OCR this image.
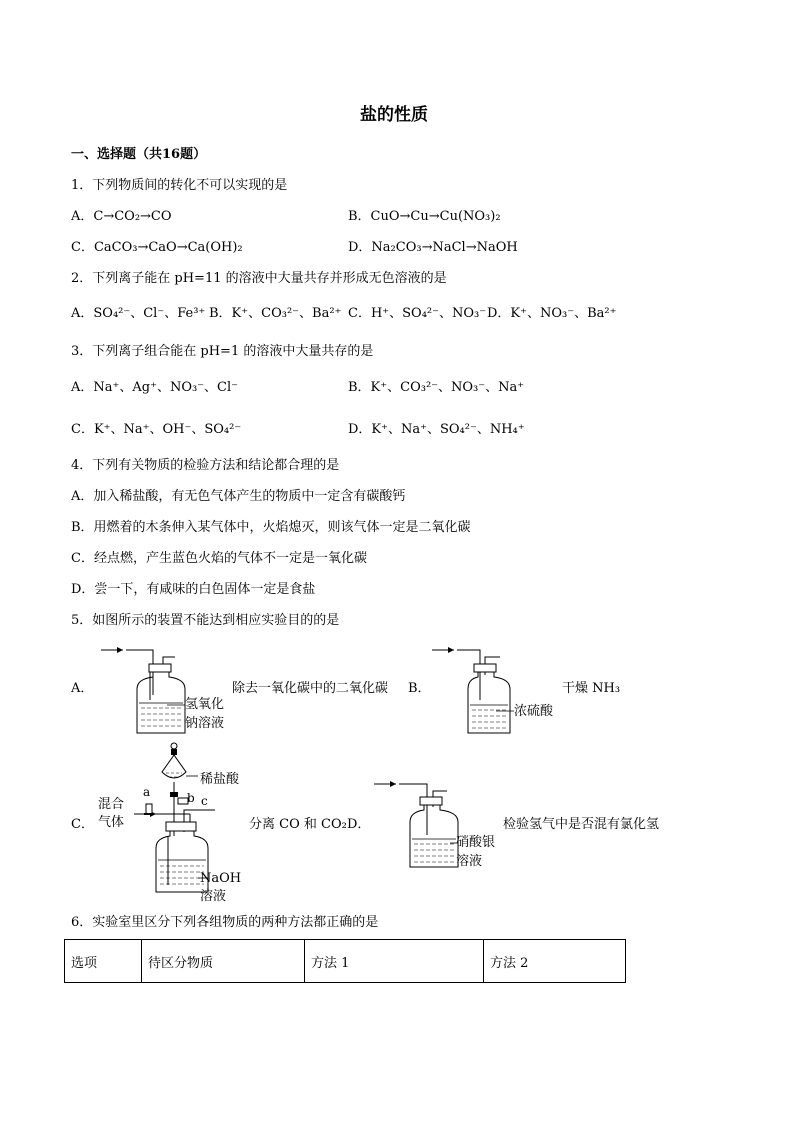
盐的性质
一、选择题（共16题）
1．下列物质间的转化不可以实现的是
A．C→CO₂→CO	B．CuO→Cu→Cu(NO₃)₂
C．CaCO₃→CaO→Ca(OH)₂	D．Na₂CO₃→NaCl→NaOH
2．下列离子能在 pH=11 的溶液中大量共存并形成无色溶液的是
A．SO₄²⁻、Cl⁻、Fe³⁺ B．K⁺、CO₃²⁻、Ba²⁺ C．H⁺、SO₄²⁻、NO₃⁻ D．K⁺、NO₃⁻、Ba²⁺
3．下列离子组合能在 pH=1 的溶液中大量共存的是
A．Na⁺、Ag⁺、NO₃⁻、Cl⁻	B．K⁺、CO₃²⁻、NO₃⁻、Na⁺
C．K⁺、Na⁺、OH⁻、SO₄²⁻	D．K⁺、Na⁺、SO₄²⁻、NH₄⁺
4．下列有关物质的检验方法和结论都合理的是
A．加入稀盐酸，有无色气体产生的物质中一定含有碳酸钙
B．用燃着的木条伸入某气体中，火焰熄灭，则该气体一定是二氧化碳
C．经点燃，产生蓝色火焰的气体不一定是一氧化碳
D．尝一下，有咸味的白色固体一定是食盐
5．如图所示的装置不能达到相应实验目的的是
A．
氢氧化
钠溶液
除去一氧化碳中的二氧化碳 B．
浓硫酸
干燥 NH₃
C．
混合
气体
稀盐酸
a	b c
NaOH
溶液
分离 CO 和 CO₂ D．
硝酸银
溶液
检验氢气中是否混有氯化氢
6．实验室里区分下列各组物质的两种方法都正确的是
选项	待区分物质	方法 1	方法 2
